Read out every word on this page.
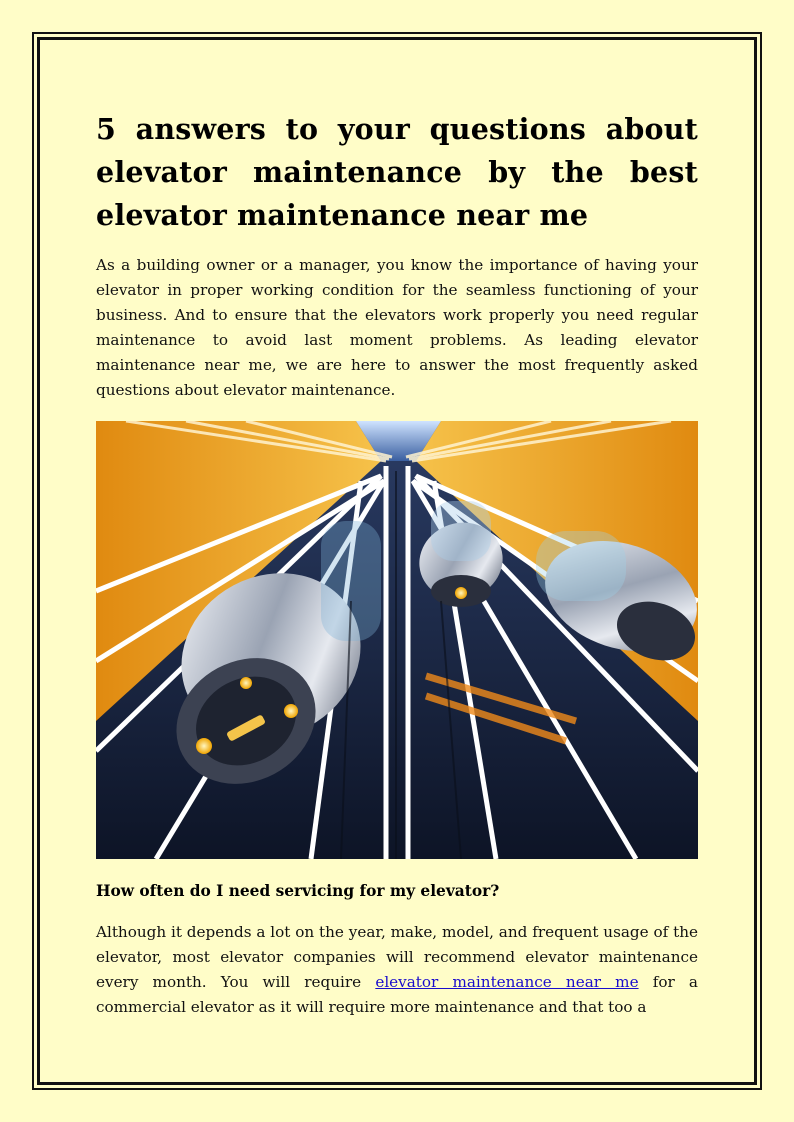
5 answers to your questions about elevator maintenance by the best elevator maintenance near me

As a building owner or a manager, you know the importance of having your elevator in proper working condition for the seamless functioning of your business. And to ensure that the elevators work properly you need regular maintenance to avoid last moment problems. As leading elevator maintenance near me, we are here to answer the most frequently asked questions about elevator maintenance.

How often do I need servicing for my elevator?

Although it depends a lot on the year, make, model, and frequent usage of the elevator, most elevator companies will recommend elevator maintenance every month. You will require elevator maintenance near me for a commercial elevator as it will require more maintenance and that too a
